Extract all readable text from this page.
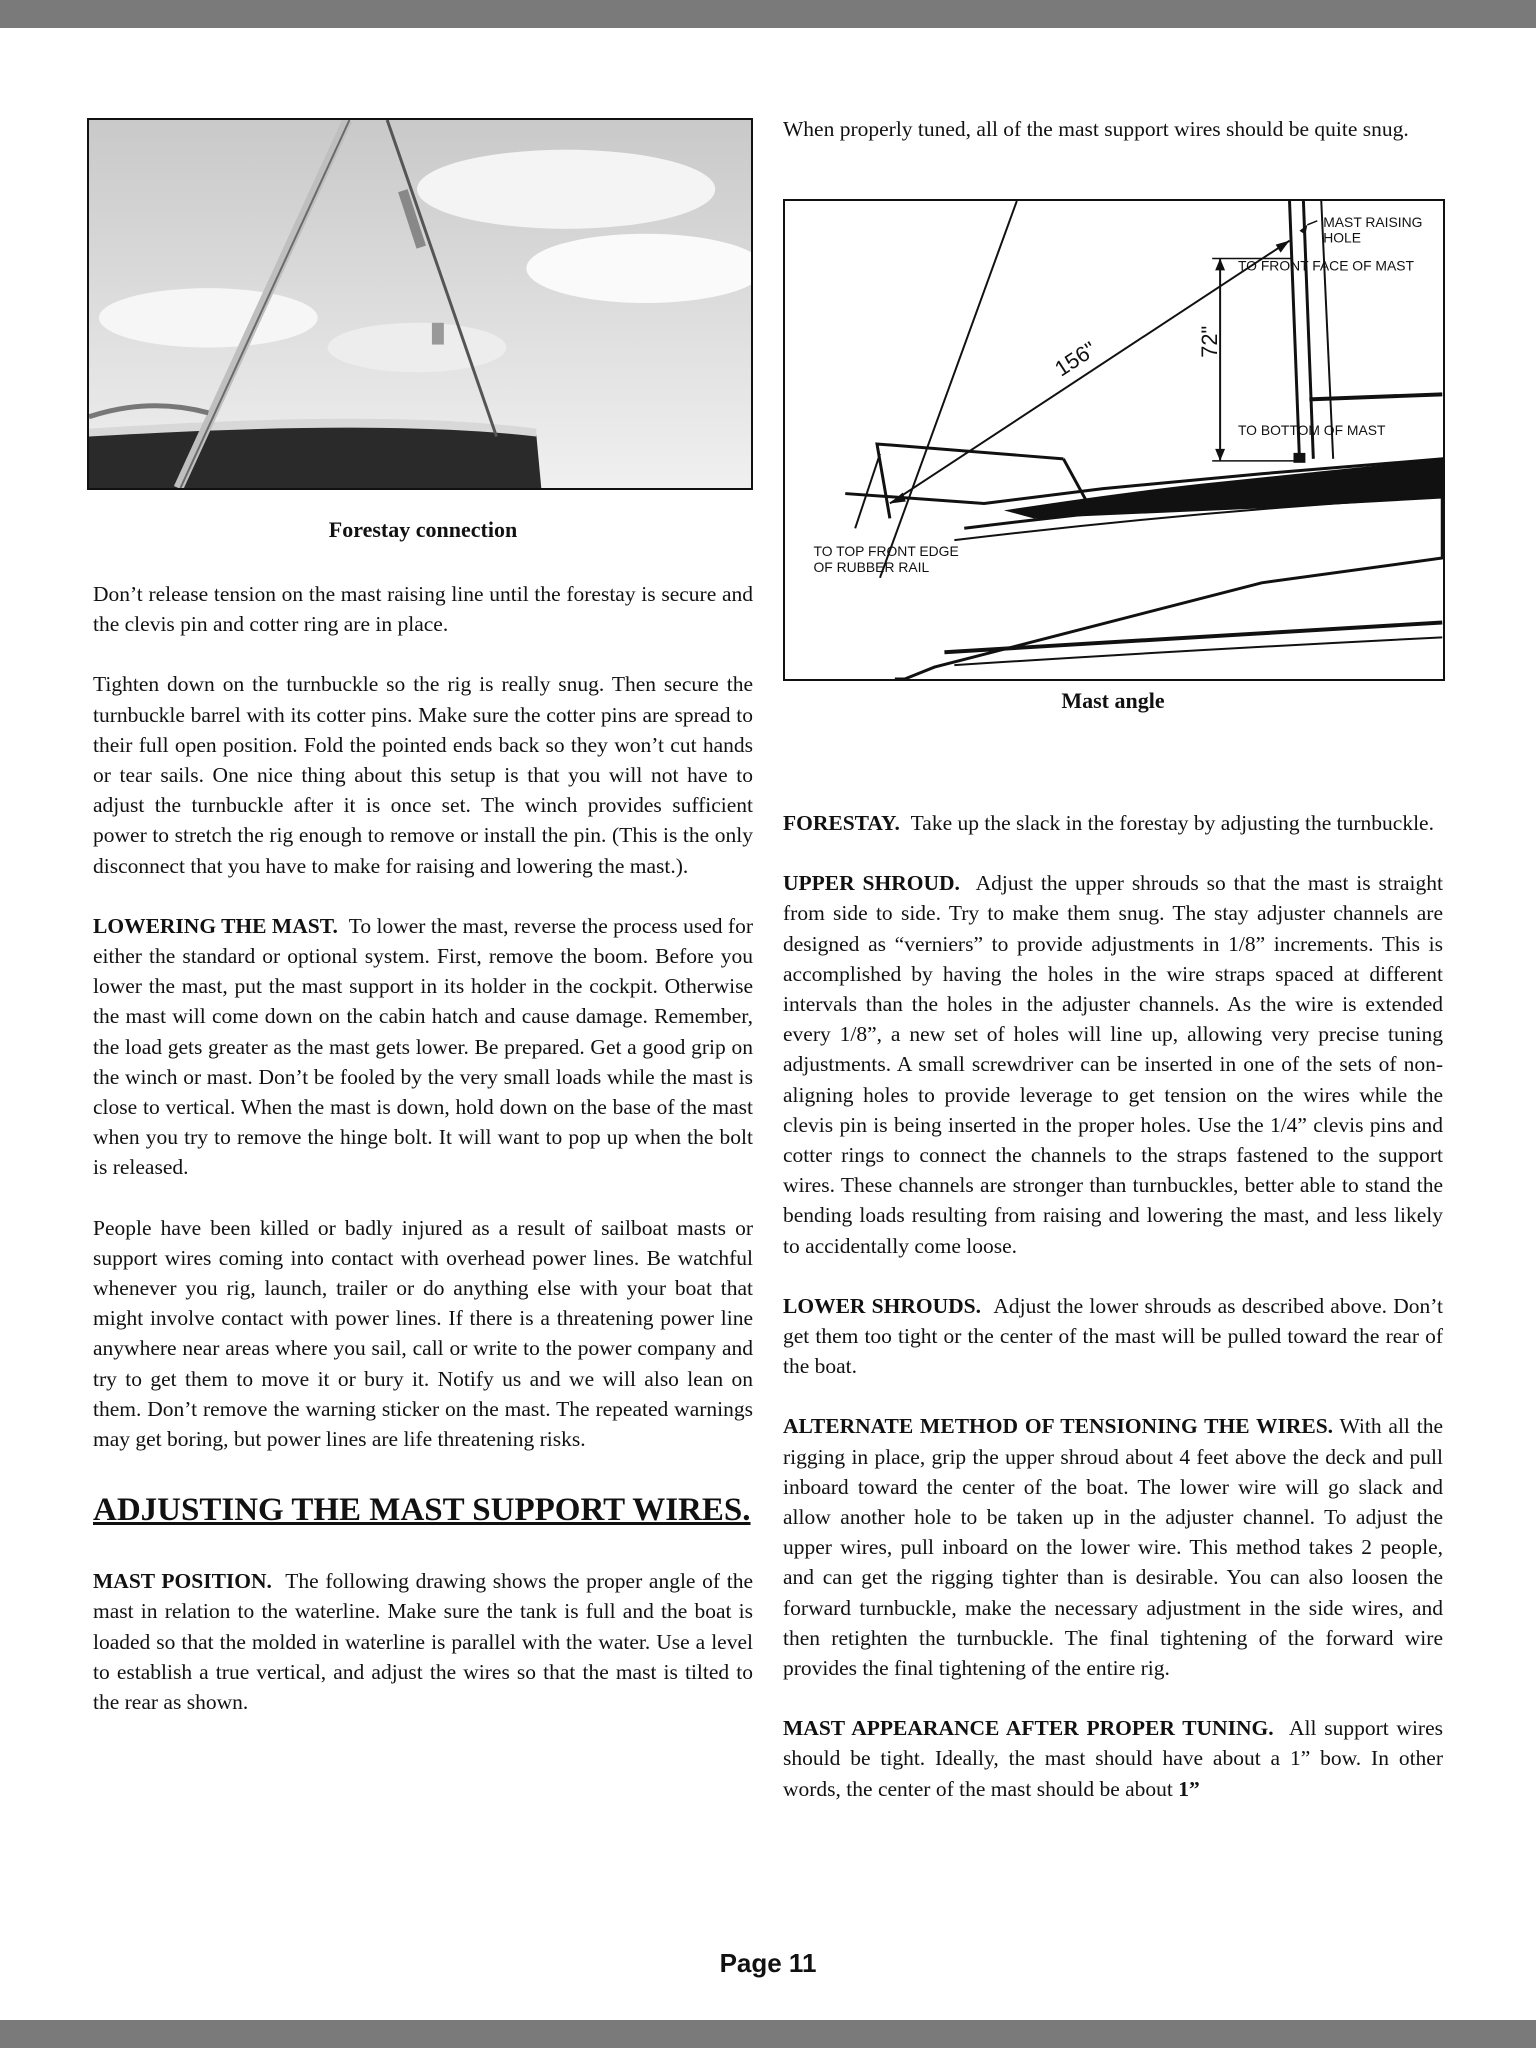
Forestay connection

Don’t release tension on the mast raising line until the forestay is secure and the clevis pin and cotter ring are in place.

Tighten down on the turnbuckle so the rig is really snug. Then secure the turnbuckle barrel with its cotter pins. Make sure the cotter pins are spread to their full open position. Fold the pointed ends back so they won’t cut hands or tear sails. One nice thing about this setup is that you will not have to adjust the turnbuckle after it is once set. The winch provides sufficient power to stretch the rig enough to remove or install the pin. (This is the only disconnect that you have to make for raising and lowering the mast.).

LOWERING THE MAST. To lower the mast, reverse the process used for either the standard or optional system. First, remove the boom. Before you lower the mast, put the mast support in its holder in the cockpit. Otherwise the mast will come down on the cabin hatch and cause damage. Remember, the load gets greater as the mast gets lower. Be prepared. Get a good grip on the winch or mast. Don’t be fooled by the very small loads while the mast is close to vertical. When the mast is down, hold down on the base of the mast when you try to remove the hinge bolt. It will want to pop up when the bolt is released.

People have been killed or badly injured as a result of sailboat masts or support wires coming into contact with overhead power lines. Be watchful whenever you rig, launch, trailer or do anything else with your boat that might involve contact with power lines. If there is a threatening power line anywhere near areas where you sail, call or write to the power company and try to get them to move it or bury it. Notify us and we will also lean on them. Don’t remove the warning sticker on the mast. The repeated warnings may get boring, but power lines are life threatening risks.

ADJUSTING THE MAST SUPPORT WIRES.

MAST POSITION. The following drawing shows the proper angle of the mast in relation to the waterline. Make sure the tank is full and the boat is loaded so that the molded in waterline is parallel with the water. Use a level to establish a true vertical, and adjust the wires so that the mast is tilted to the rear as shown.

When properly tuned, all of the mast support wires should be quite snug.

MAST RAISING
HOLE
TO FRONT FACE OF MAST
156"	72"
TO BOTTOM OF MAST
TO TOP FRONT EDGE
OF RUBBER RAIL
Mast angle

FORESTAY. Take up the slack in the forestay by adjusting the turnbuckle.

UPPER SHROUD. Adjust the upper shrouds so that the mast is straight from side to side. Try to make them snug. The stay adjuster channels are designed as “verniers” to provide adjustments in 1/8” increments. This is accomplished by having the holes in the wire straps spaced at different intervals than the holes in the adjuster channels. As the wire is extended every 1/8”, a new set of holes will line up, allowing very precise tuning adjustments. A small screwdriver can be inserted in one of the sets of non-aligning holes to provide leverage to get tension on the wires while the clevis pin is being inserted in the proper holes. Use the 1/4” clevis pins and cotter rings to connect the channels to the straps fastened to the support wires. These channels are stronger than turnbuckles, better able to stand the bending loads resulting from raising and lowering the mast, and less likely to accidentally come loose.

LOWER SHROUDS. Adjust the lower shrouds as described above. Don’t get them too tight or the center of the mast will be pulled toward the rear of the boat.

ALTERNATE METHOD OF TENSIONING THE WIRES. With all the rigging in place, grip the upper shroud about 4 feet above the deck and pull inboard toward the center of the boat. The lower wire will go slack and allow another hole to be taken up in the adjuster channel. To adjust the upper wires, pull inboard on the lower wire. This method takes 2 people, and can get the rigging tighter than is desirable. You can also loosen the forward turnbuckle, make the necessary adjustment in the side wires, and then retighten the turnbuckle. The final tightening of the forward wire provides the final tightening of the entire rig.

MAST APPEARANCE AFTER PROPER TUNING. All support wires should be tight. Ideally, the mast should have about a 1” bow. In other words, the center of the mast should be about 1”

Page 11
